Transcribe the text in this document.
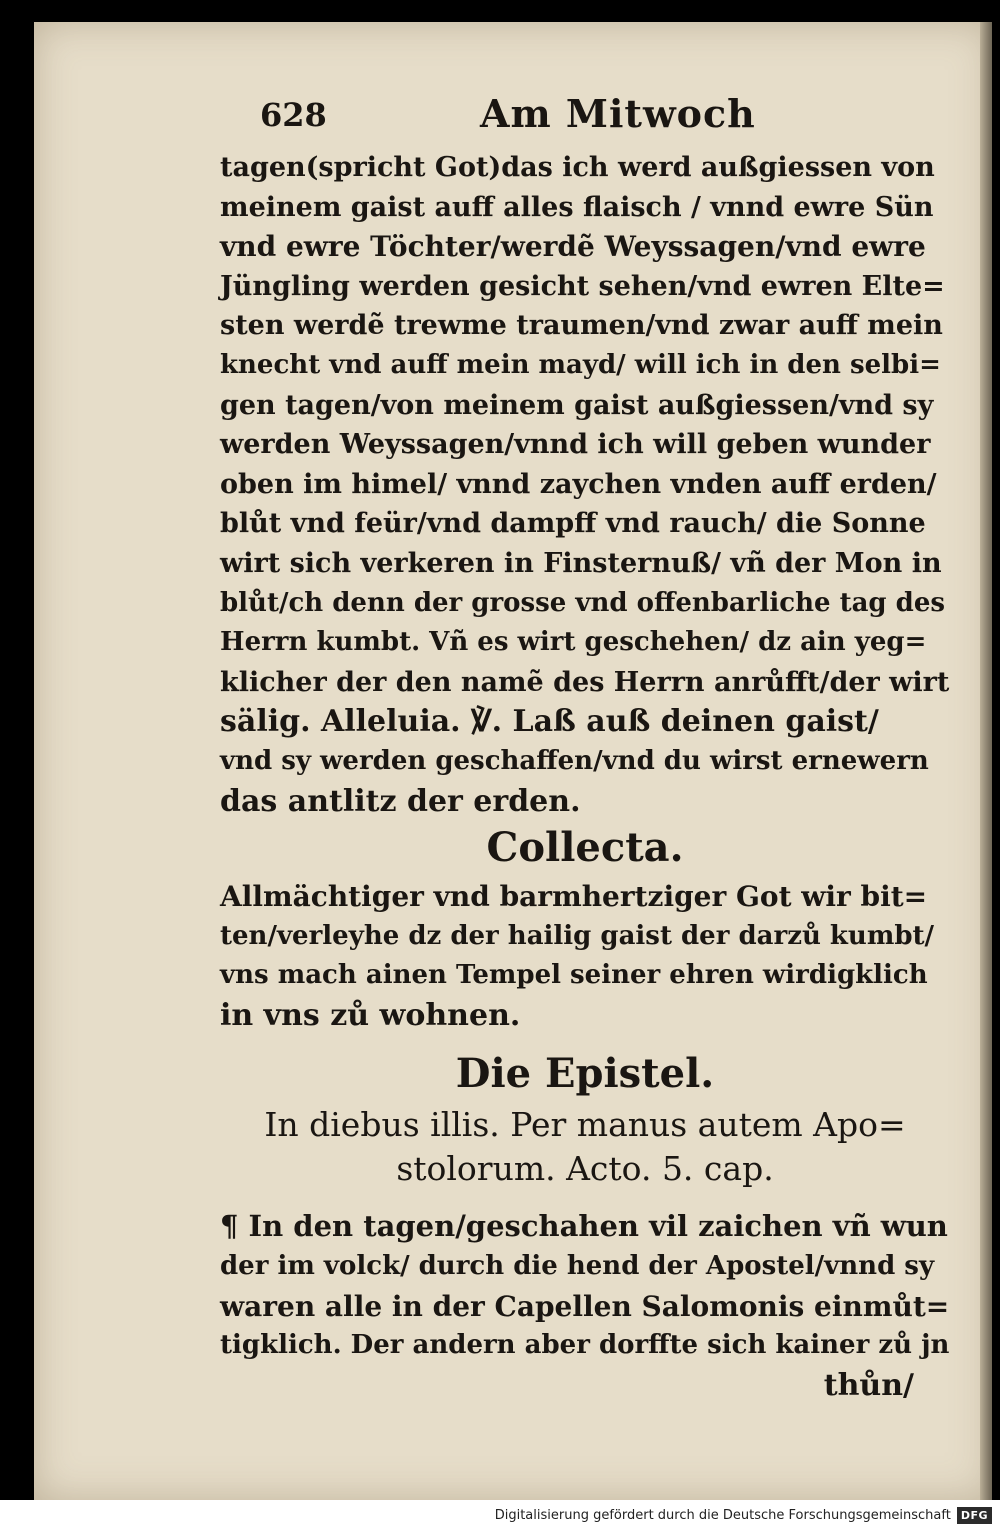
628	Am Mitwoch
tagen(spricht Got)das ich werd außgiessen von
meinem gaist auff alles flaisch / vnnd ewre Sün
vnd ewre Töchter/werdẽ Weyssagen/vnd ewre
Jüngling werden gesicht sehen/vnd ewren Elte=
sten werdẽ trewme traumen/vnd zwar auff mein
knecht vnd auff mein mayd/ will ich in den selbi=
gen tagen/von meinem gaist außgiessen/vnd sy
werden Weyssagen/vnnd ich will geben wunder
oben im himel/ vnnd zaychen vnden auff erden/
blůt vnd feür/vnd dampff vnd rauch/ die Sonne
wirt sich verkeren in Finsternuß/ vñ der Mon in
blůt/ch denn der grosse vnd offenbarliche tag des
Herrn kumbt. Vñ es wirt geschehen/ dz ain yeg=
klicher der den namẽ des Herrn anrůfft/der wirt
sälig. Alleluia. ℣. Laß auß deinen gaist/
vnd sy werden geschaffen/vnd du wirst ernewern
das antlitz der erden.
Collecta.
Allmächtiger vnd barmhertziger Got wir bit=
ten/verleyhe dz der hailig gaist der darzů kumbt/
vns mach ainen Tempel seiner ehren wirdigklich
in vns zů wohnen.
Die Epistel.
In diebus illis. Per manus autem Apo=
stolorum. Acto. 5. cap.
¶ In den tagen/geschahen vil zaichen vñ wun
der im volck/ durch die hend der Apostel/vnnd sy
waren alle in der Capellen Salomonis einmůt=
tigklich. Der andern aber dorffte sich kainer zů jn
thůn/
Digitalisierung gefördert durch die Deutsche Forschungsgemeinschaft DFG
